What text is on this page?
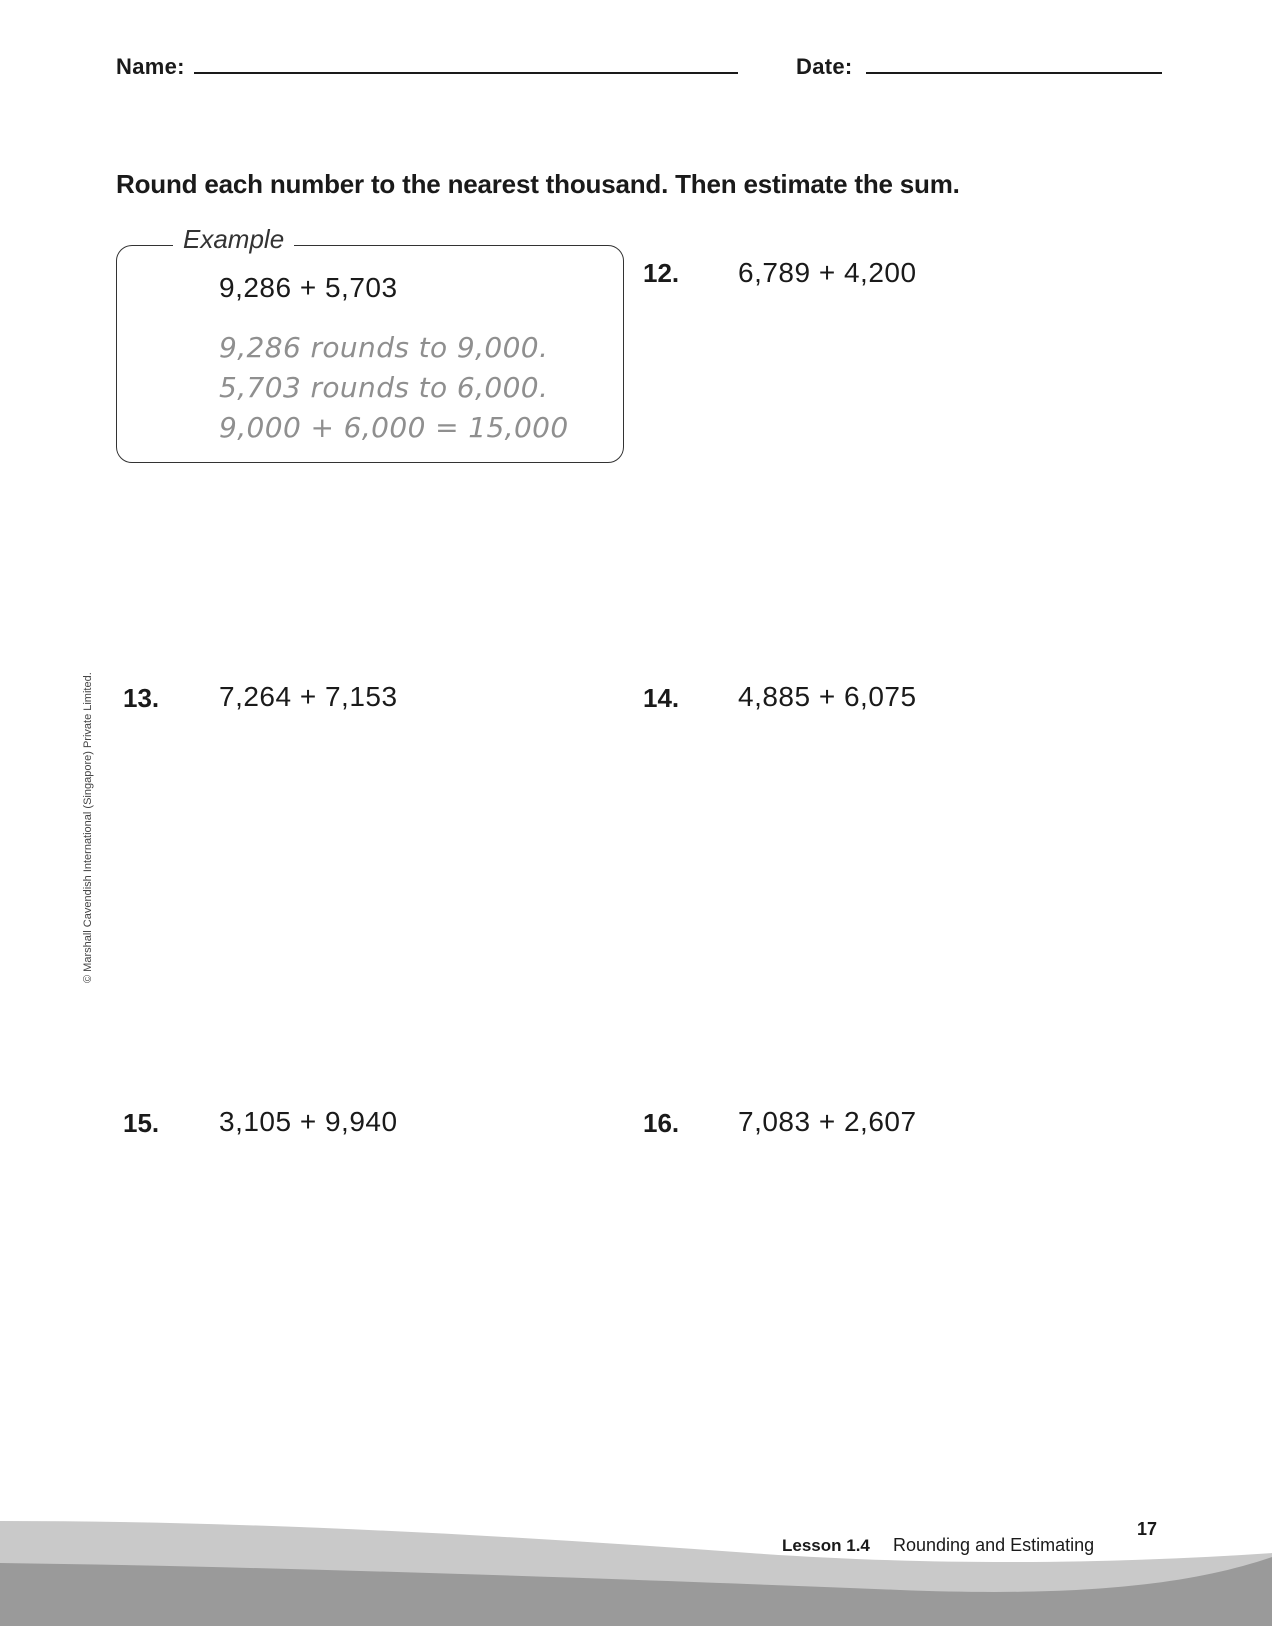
Name:	Date:
Round each number to the nearest thousand. Then estimate the sum.
Example
9,286 + 5,703
9,286 rounds to 9,000.
5,703 rounds to 6,000.
9,000 + 6,000 = 15,000
12. 6,789 + 4,200
13. 7,264 + 7,153	14. 4,885 + 6,075
15. 3,105 + 9,940	16. 7,083 + 2,607
© Marshall Cavendish International (Singapore) Private Limited.
Lesson 1.4 Rounding and Estimating
17
